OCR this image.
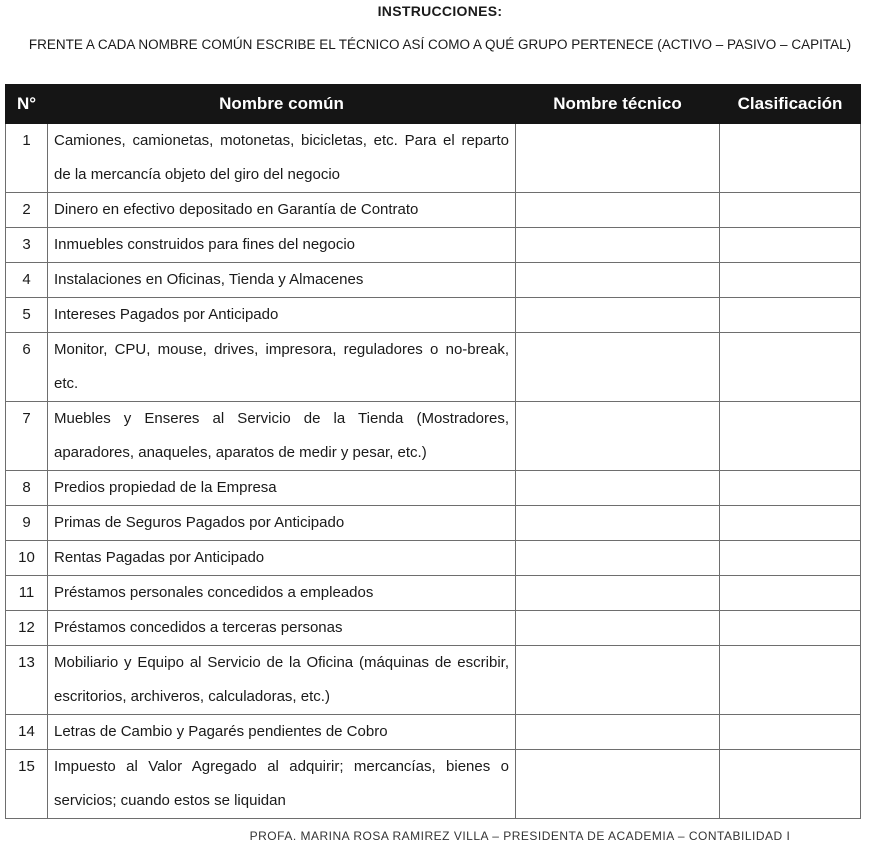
INSTRUCCIONES:
FRENTE A CADA NOMBRE COMÚN ESCRIBE EL TÉCNICO ASÍ COMO A QUÉ GRUPO PERTENECE (ACTIVO – PASIVO – CAPITAL)
N°	Nombre común	Nombre técnico	Clasificación
1	Camiones, camionetas, motonetas, bicicletas, etc. Para el reparto de la mercancía objeto del giro del negocio		
2	Dinero en efectivo depositado en Garantía de Contrato		
3	Inmuebles construidos para fines del negocio		
4	Instalaciones en Oficinas, Tienda y Almacenes		
5	Intereses Pagados por Anticipado		
6	Monitor, CPU, mouse, drives, impresora, reguladores o no-break, etc.		
7	Muebles y Enseres al Servicio de la Tienda (Mostradores, aparadores, anaqueles, aparatos de medir y pesar, etc.)		
8	Predios propiedad de la Empresa		
9	Primas de Seguros Pagados por Anticipado		
10	Rentas Pagadas por Anticipado		
11	Préstamos personales concedidos a empleados		
12	Préstamos concedidos a terceras personas		
13	Mobiliario y Equipo al Servicio de la Oficina (máquinas de escribir, escritorios, archiveros, calculadoras, etc.)		
14	Letras de Cambio y Pagarés pendientes de Cobro		
15	Impuesto al Valor Agregado al adquirir; mercancías, bienes o servicios; cuando estos se liquidan		
PROFA. MARINA ROSA RAMIREZ VILLA – PRESIDENTA DE ACADEMIA – CONTABILIDAD I
